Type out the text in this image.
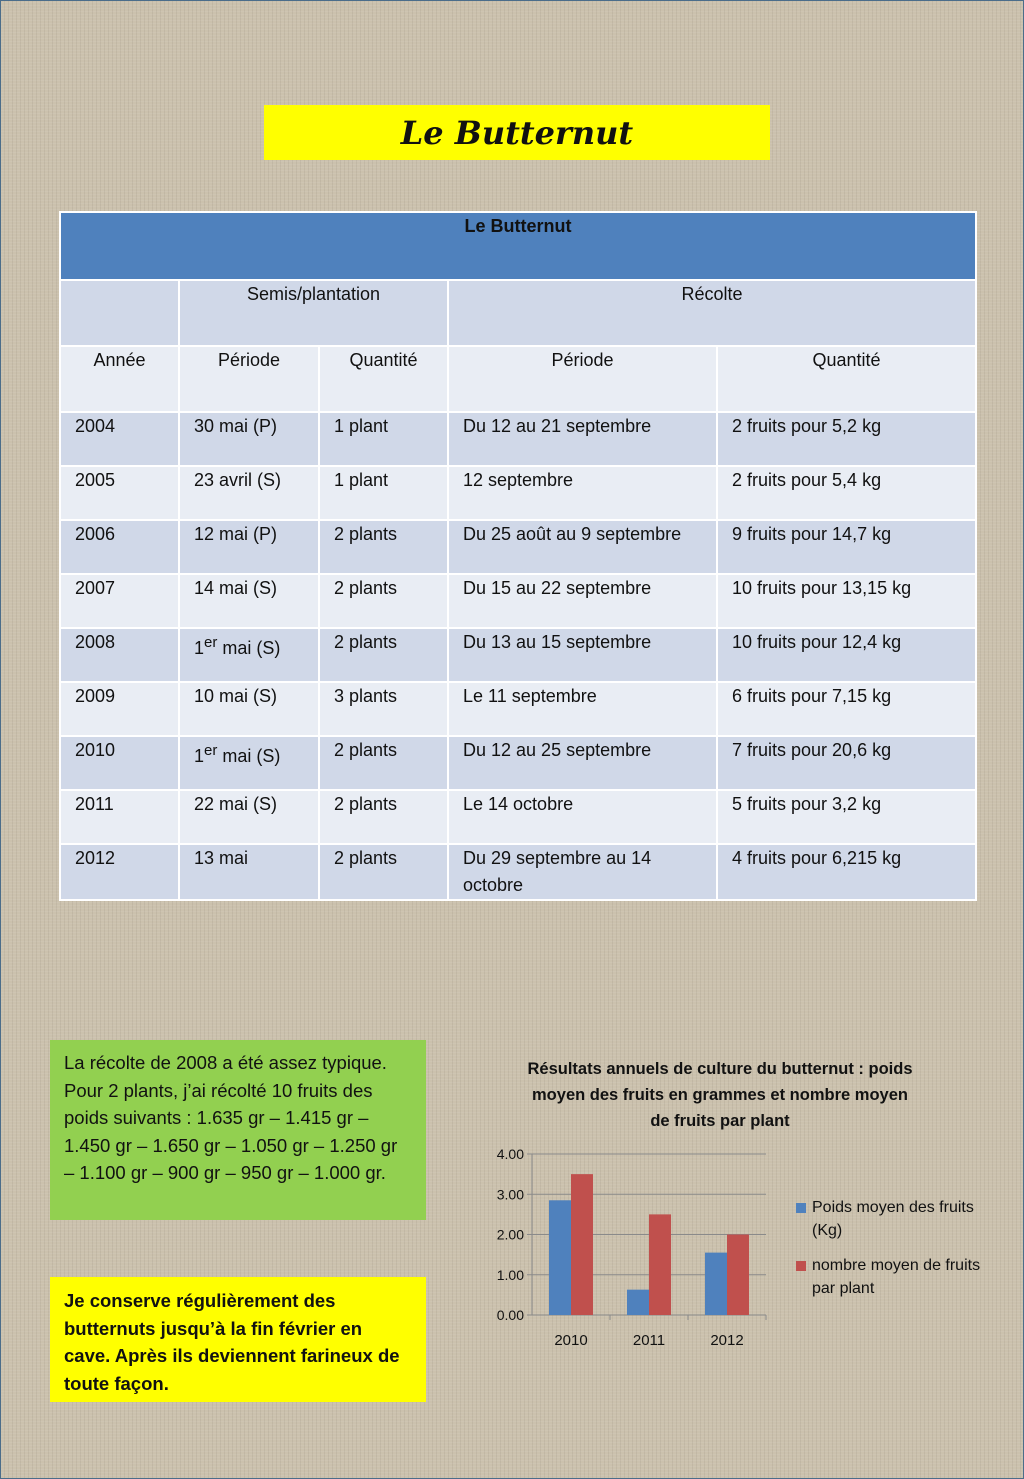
Le Butternut
Le Butternut				
	Semis/plantation		Récolte	
Année	Période	Quantité	Période	Quantité
2004	30 mai (P)	1 plant	Du 12 au 21 septembre	2 fruits pour 5,2 kg
2005	23 avril (S)	1 plant	12 septembre	2 fruits pour 5,4 kg
2006	12 mai (P)	2 plants	Du 25 août au 9 septembre	9 fruits pour 14,7 kg
2007	14 mai (S)	2 plants	Du 15 au 22 septembre	10 fruits pour 13,15 kg
2008	1er mai (S)	2 plants	Du 13 au 15 septembre	10 fruits pour 12,4 kg
2009	10 mai (S)	3 plants	Le 11 septembre	6 fruits pour 7,15 kg
2010	1er mai (S)	2 plants	Du 12 au 25 septembre	7 fruits pour 20,6 kg
2011	22 mai (S)	2 plants	Le 14 octobre	5 fruits pour 3,2 kg
2012	13 mai	2 plants	Du 29 septembre au 14 octobre	4 fruits pour 6,215 kg
La récolte de 2008 a été assez typique. Pour 2 plants, j’ai récolté 10 fruits des poids suivants : 1.635 gr – 1.415 gr – 1.450 gr – 1.650 gr – 1.050 gr – 1.250 gr – 1.100 gr – 900 gr – 950 gr – 1.000 gr.
Je conserve régulièrement des butternuts jusqu’à la fin février en cave. Après ils deviennent farineux de toute façon.
Résultats annuels de culture du butternut : poids moyen des fruits en grammes et nombre moyen de fruits par plant
0.00
1.00
2.00
3.00
4.00
2010	2011	2012
Poids moyen des fruits (Kg)
nombre moyen de fruits par plant
